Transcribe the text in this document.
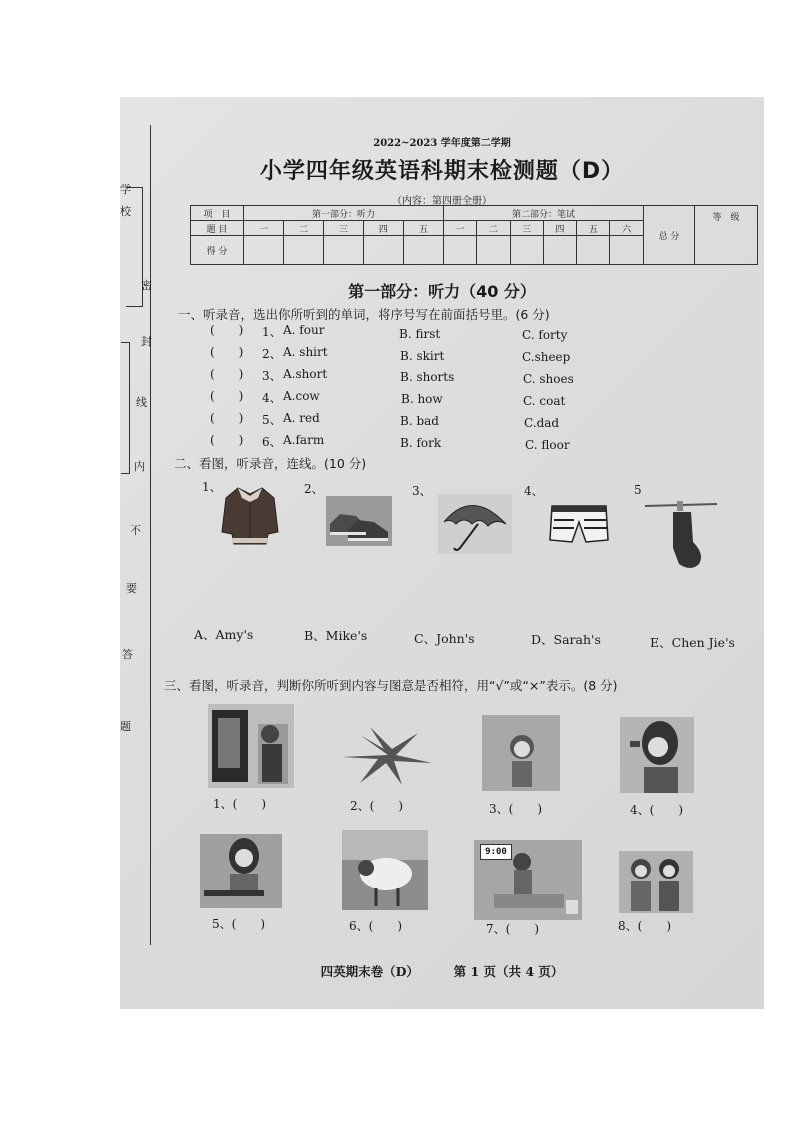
学
校
密
封
线
内
不
要
答
题
2022~2023 学年度第二学期
小学四年级英语科期末检测题（D）
（内容：第四册全册）
项　目	第一部分：听力					第二部分：笔试						总 分	等　级
题 目	一	二	三	四	五	一	二	三	四	五	六		
得 分													
第一部分：听力（40 分）
一、听录音，选出你所听到的单词，将序号写在前面括号里。(6 分)
(　　) 1、 A. four	B. first	C. forty
(　　) 2、 A. shirt	B. skirt	C.sheep
(　　) 3、 A.short	B. shorts	C. shoes
(　　) 4、 A.cow	B. how	C. coat
(　　) 5、 A. red	B. bad	C.dad
(　　) 6、 A.farm	B. fork	C. floor
二、看图，听录音，连线。(10 分)
1、	2、	3、	4、	5
A、Amy's	B、Mike's	C、John's	D、Sarah's	E、Chen Jie's
三、看图，听录音，判断你所听到内容与图意是否相符，用“√”或“×”表示。(8 分)
1、(　　)	2、(　　)	3、(　　)	4、(　　)
5、(　　)	6、(　　)
9:00
7、(　　)	8、(　　)
四英期末卷（D）	第 1 页（共 4 页）
